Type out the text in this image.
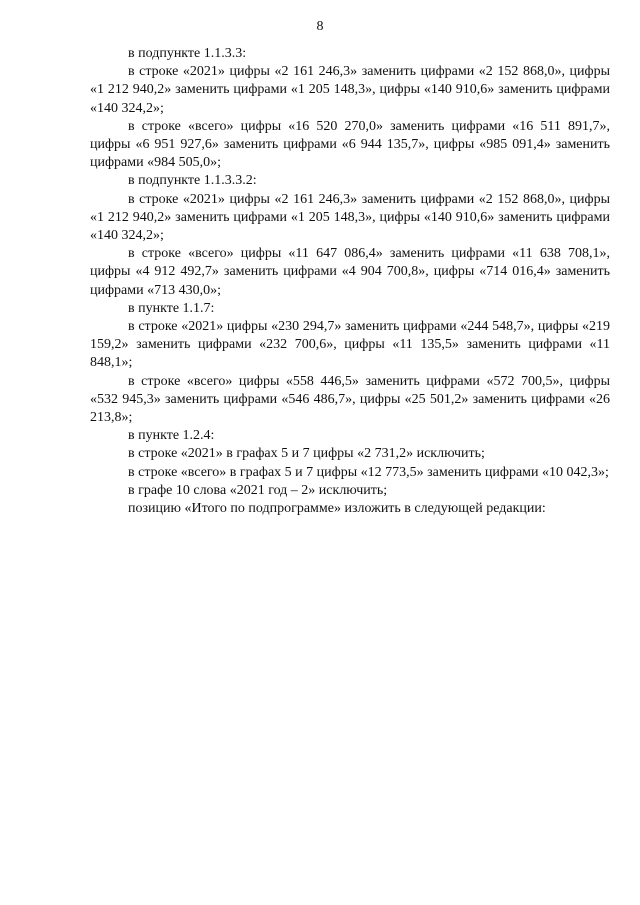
8

в подпункте 1.1.3.3:

в строке «2021» цифры «2 161 246,3» заменить цифрами «2 152 868,0», цифры «1 212 940,2» заменить цифрами «1 205 148,3», цифры «140 910,6» заменить цифрами «140 324,2»;

в строке «всего» цифры «16 520 270,0» заменить цифрами «16 511 891,7», цифры «6 951 927,6» заменить цифрами «6 944 135,7», цифры «985 091,4» заменить цифрами «984 505,0»;

в подпункте 1.1.3.3.2:

в строке «2021» цифры «2 161 246,3» заменить цифрами «2 152 868,0», цифры «1 212 940,2» заменить цифрами «1 205 148,3», цифры «140 910,6» заменить цифрами «140 324,2»;

в строке «всего» цифры «11 647 086,4» заменить цифрами «11 638 708,1», цифры «4 912 492,7» заменить цифрами «4 904 700,8», цифры «714 016,4» заменить цифрами «713 430,0»;

в пункте 1.1.7:

в строке «2021» цифры «230 294,7» заменить цифрами «244 548,7», цифры «219 159,2» заменить цифрами «232 700,6», цифры «11 135,5» заменить цифрами «11 848,1»;

в строке «всего» цифры «558 446,5» заменить цифрами «572 700,5», цифры «532 945,3» заменить цифрами «546 486,7», цифры «25 501,2» заменить цифрами «26 213,8»;

в пункте 1.2.4:

в строке «2021» в графах 5 и 7 цифры «2 731,2» исключить;

в строке «всего» в графах 5 и 7 цифры «12 773,5» заменить цифрами «10 042,3»;

в графе 10 слова «2021 год – 2» исключить;

позицию «Итого по подпрограмме» изложить в следующей редакции:
